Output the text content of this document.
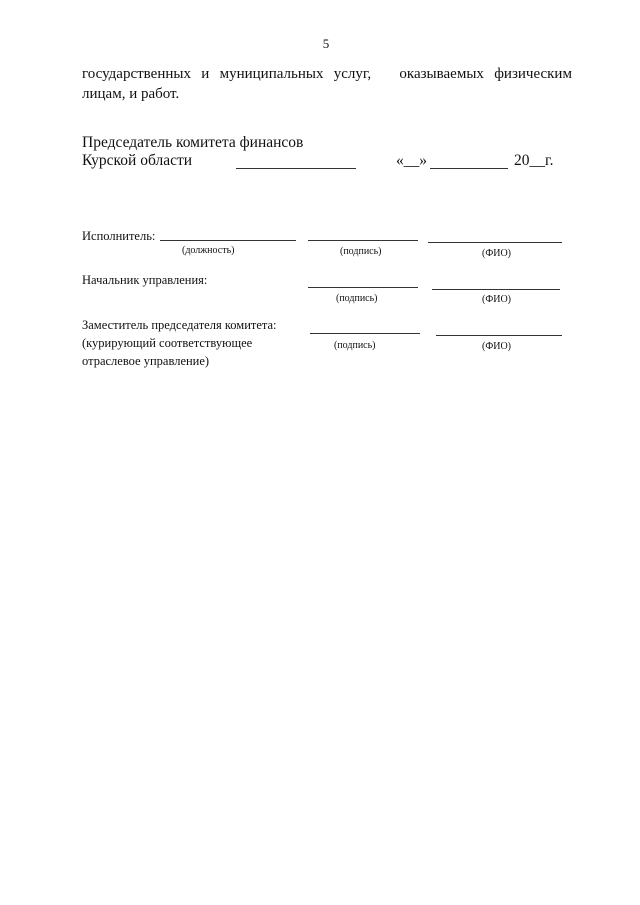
5
государственных и муниципальных услуг, оказываемых физическим
лицам, и работ.
Председатель комитета финансов
Курской области	«__»	20__г.
Исполнитель:
(должность)	(подпись)	(ФИО)
Начальник управления:
(подпись)	(ФИО)
Заместитель председателя комитета:
(курирующий соответствующее
отраслевое управление)
(подпись)	(ФИО)
